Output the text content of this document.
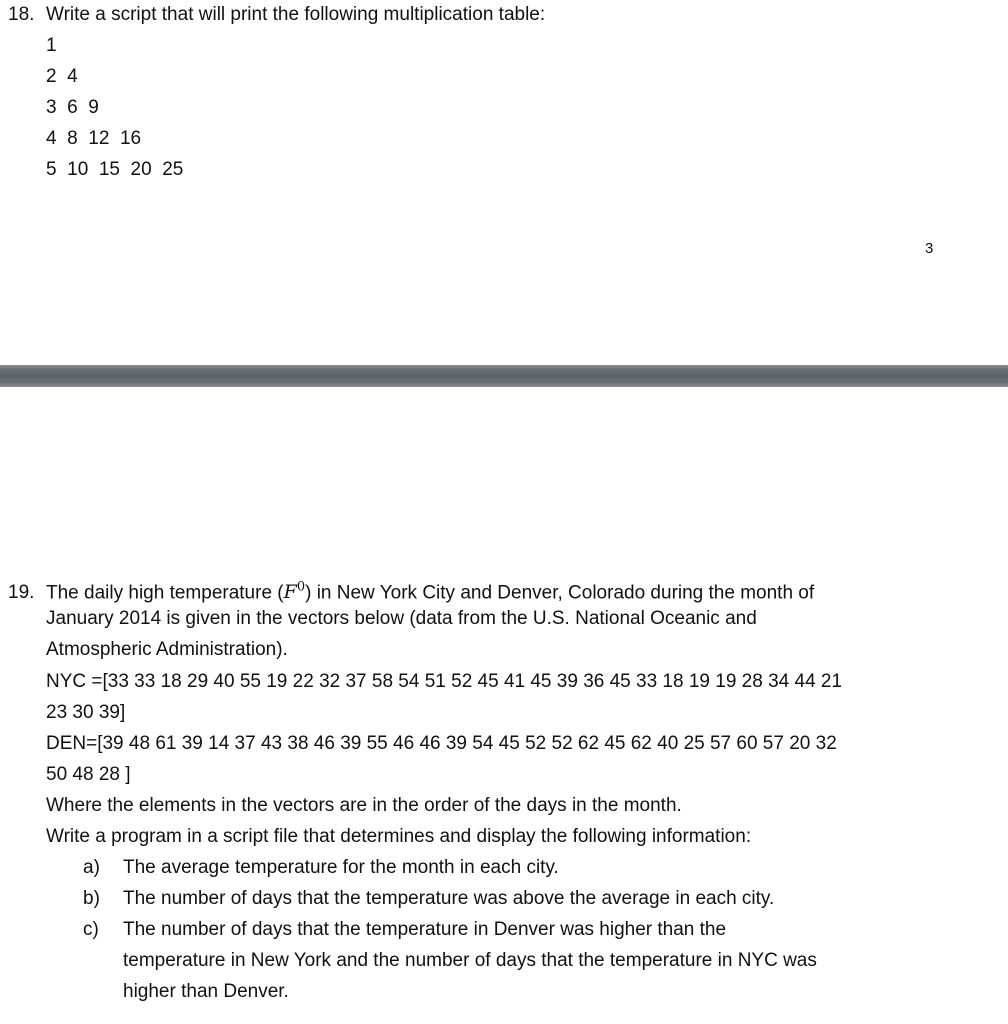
18. Write a script that will print the following multiplication table:
1
2  4
3  6  9
4  8  12  16
5  10  15  20  25
3
19. The daily high temperature $(F^0)$ in New York City and Denver, Colorado during the month of
January 2014 is given in the vectors below (data from the U.S. National Oceanic and
Atmospheric Administration).
NYC =[33 33 18 29 40 55 19 22 32 37 58 54 51 52 45 41 45 39 36 45 33 18 19 19 28 34 44 21
23 30 39]
DEN=[39 48 61 39 14 37 43 38 46 39 55 46 46 39 54 45 52 52 62 45 62 40 25 57 60 57 20 32
50 48 28 ]
Where the elements in the vectors are in the order of the days in the month.
Write a program in a script file that determines and display the following information:
a) The average temperature for the month in each city.
b) The number of days that the temperature was above the average in each city.
c) The number of days that the temperature in Denver was higher than the
temperature in New York and the number of days that the temperature in NYC was
higher than Denver.
